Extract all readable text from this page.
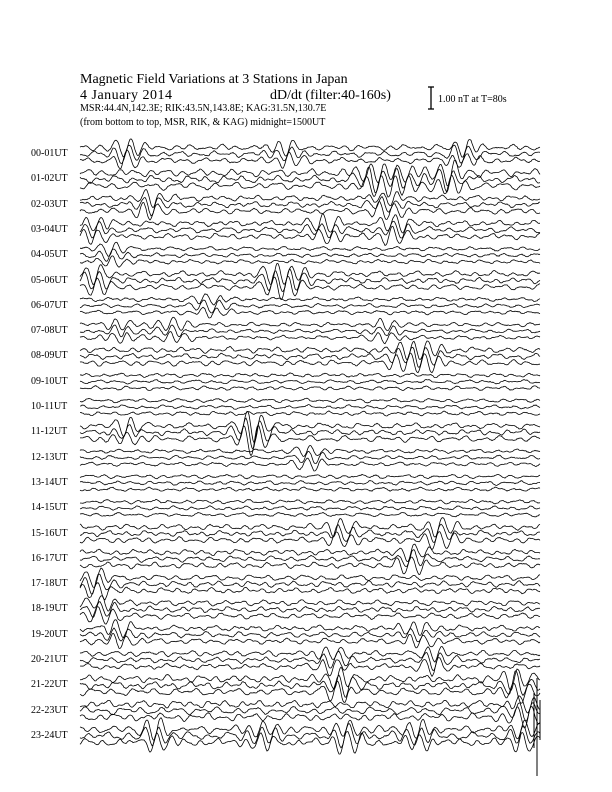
Magnetic Field Variations at 3 Stations in Japan
4 January 2014	dD/dt (filter:40-160s)
MSR:44.4N,142.3E; RIK:43.5N,143.8E; KAG:31.5N,130.7E
(from bottom to top, MSR, RIK, & KAG) midnight=1500UT
1.00 nT at T=80s
00-01UT
01-02UT
02-03UT
03-04UT
04-05UT
05-06UT
06-07UT
07-08UT
08-09UT
09-10UT
10-11UT
11-12UT
12-13UT
13-14UT
14-15UT
15-16UT
16-17UT
17-18UT
18-19UT
19-20UT
20-21UT
21-22UT
22-23UT
23-24UT
